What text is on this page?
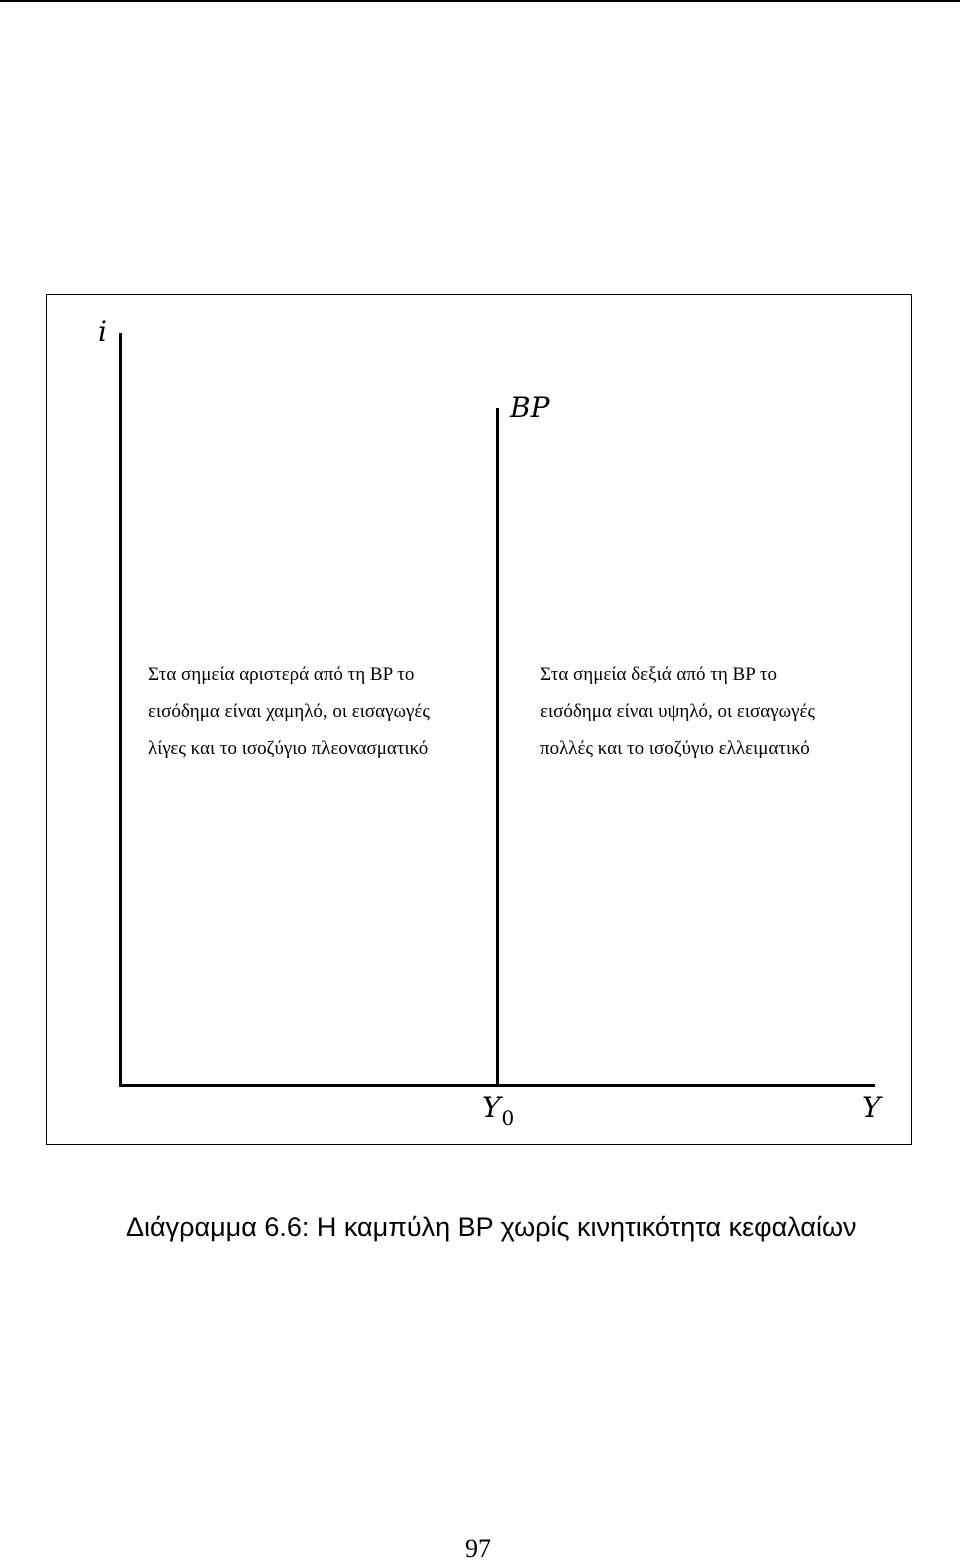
i
BP
$Y_0$	Y
Στα σημεία αριστερά από τη BP το
εισόδημα είναι χαμηλό, οι εισαγωγές
λίγες και το ισοζύγιο πλεονασματικό
Στα σημεία δεξιά από τη BP το
εισόδημα είναι υψηλό, οι εισαγωγές
πολλές και το ισοζύγιο ελλειματικό
Διάγραμμα 6.6: Η καμπύλη BP χωρίς κινητικότητα κεφαλαίων
97
